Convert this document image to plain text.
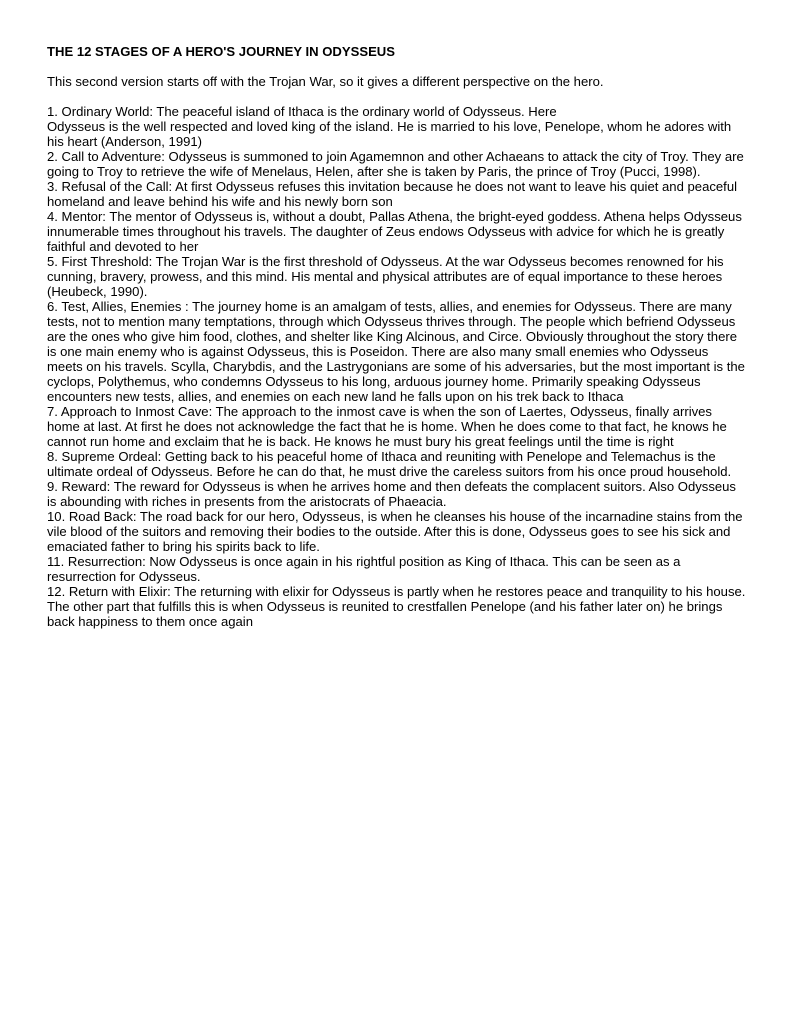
THE 12 STAGES OF A HERO'S JOURNEY IN ODYSSEUS
This second version starts off with the Trojan War, so it gives a different perspective on the hero.
1. Ordinary World: The peaceful island of Ithaca is the ordinary world of Odysseus. Here
Odysseus is the well respected and loved king of the island. He is married to his love, Penelope, whom he adores with his heart (Anderson, 1991)
2. Call to Adventure: Odysseus is summoned to join Agamemnon and other Achaeans to attack the city of Troy. They are going to Troy to retrieve the wife of Menelaus, Helen, after she is taken by Paris, the prince of Troy (Pucci, 1998).
3. Refusal of the Call: At first Odysseus refuses this invitation because he does not want to leave his quiet and peaceful homeland and leave behind his wife and his newly born son
4. Mentor: The mentor of Odysseus is, without a doubt, Pallas Athena, the bright-eyed goddess. Athena helps Odysseus innumerable times throughout his travels. The daughter of Zeus endows Odysseus with advice for which he is greatly faithful and devoted to her
5. First Threshold: The Trojan War is the first threshold of Odysseus. At the war Odysseus becomes renowned for his cunning, bravery, prowess, and this mind. His mental and physical attributes are of equal importance to these heroes (Heubeck, 1990).
6. Test, Allies, Enemies : The journey home is an amalgam of tests, allies, and enemies for Odysseus. There are many tests, not to mention many temptations, through which Odysseus thrives through. The people which befriend Odysseus are the ones who give him food, clothes, and shelter like King Alcinous, and Circe. Obviously throughout the story there is one main enemy who is against Odysseus, this is Poseidon. There are also many small enemies who Odysseus meets on his travels. Scylla, Charybdis, and the Lastrygonians are some of his adversaries, but the most important is the cyclops, Polythemus, who condemns Odysseus to his long, arduous journey home. Primarily speaking Odysseus encounters new tests, allies, and enemies on each new land he falls upon on his trek back to Ithaca
7. Approach to Inmost Cave: The approach to the inmost cave is when the son of Laertes, Odysseus, finally arrives home at last. At first he does not acknowledge the fact that he is home. When he does come to that fact, he knows he cannot run home and exclaim that he is back. He knows he must bury his great feelings until the time is right
8. Supreme Ordeal: Getting back to his peaceful home of Ithaca and reuniting with Penelope and Telemachus is the ultimate ordeal of Odysseus. Before he can do that, he must drive the careless suitors from his once proud household.
9. Reward: The reward for Odysseus is when he arrives home and then defeats the complacent suitors. Also Odysseus is abounding with riches in presents from the aristocrats of Phaeacia.
10. Road Back: The road back for our hero, Odysseus, is when he cleanses his house of the incarnadine stains from the vile blood of the suitors and removing their bodies to the outside. After this is done, Odysseus goes to see his sick and emaciated father to bring his spirits back to life.
11. Resurrection: Now Odysseus is once again in his rightful position as King of Ithaca. This can be seen as a resurrection for Odysseus.
12. Return with Elixir: The returning with elixir for Odysseus is partly when he restores peace and tranquility to his house. The other part that fulfills this is when Odysseus is reunited to crestfallen Penelope (and his father later on) he brings back happiness to them once again
